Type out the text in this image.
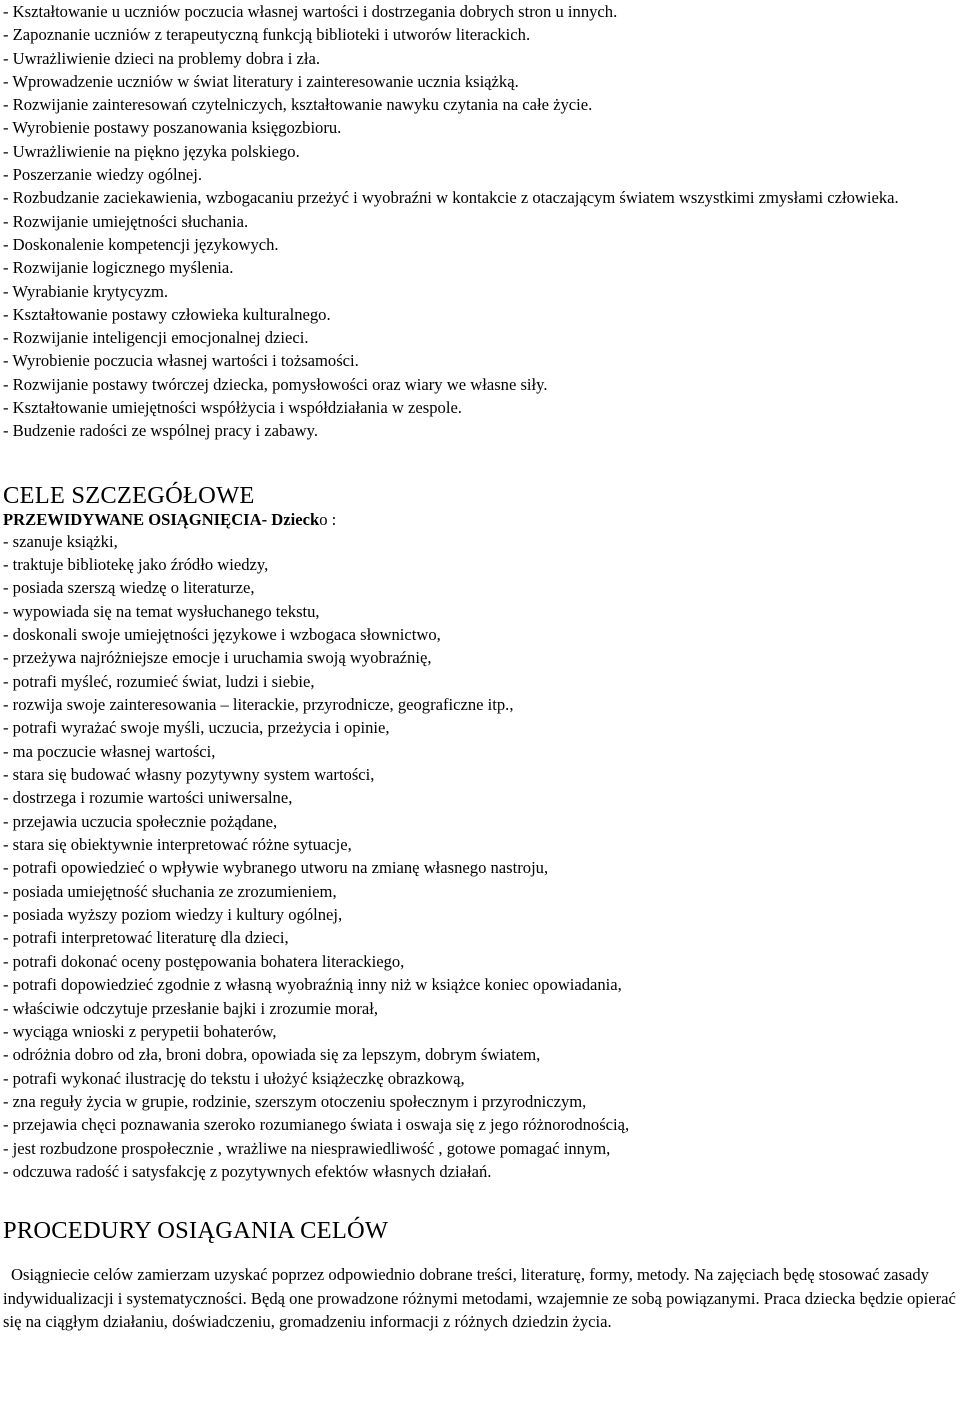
- Kształtowanie u uczniów poczucia własnej wartości i dostrzegania dobrych stron u innych.
- Zapoznanie uczniów z terapeutyczną funkcją biblioteki i utworów literackich.
- Uwrażliwienie dzieci na problemy dobra i zła.
- Wprowadzenie uczniów w świat literatury i zainteresowanie ucznia książką.
- Rozwijanie zainteresowań czytelniczych, kształtowanie nawyku czytania na całe życie.
- Wyrobienie postawy poszanowania księgozbioru.
- Uwrażliwienie na piękno języka polskiego.
- Poszerzanie wiedzy ogólnej.
- Rozbudzanie zaciekawienia, wzbogacaniu przeżyć i wyobraźni w kontakcie z otaczającym światem wszystkimi zmysłami człowieka.
- Rozwijanie umiejętności słuchania.
- Doskonalenie kompetencji językowych.
- Rozwijanie logicznego myślenia.
- Wyrabianie krytycyzm.
- Kształtowanie postawy człowieka kulturalnego.
- Rozwijanie inteligencji emocjonalnej dzieci.
- Wyrobienie poczucia własnej wartości i tożsamości.
- Rozwijanie postawy twórczej dziecka, pomysłowości oraz wiary we własne siły.
- Kształtowanie umiejętności współżycia i współdziałania w zespole.
- Budzenie radości ze wspólnej pracy i zabawy.
CELE SZCZEGÓŁOWE
PRZEWIDYWANE OSIĄGNIĘCIA- Dziecko :
- szanuje książki,
- traktuje bibliotekę jako źródło wiedzy,
- posiada szerszą wiedzę o literaturze,
- wypowiada się na temat wysłuchanego tekstu,
- doskonali swoje umiejętności językowe i wzbogaca słownictwo,
- przeżywa najróżniejsze emocje i uruchamia swoją wyobraźnię,
- potrafi myśleć, rozumieć świat, ludzi i siebie,
- rozwija swoje zainteresowania – literackie, przyrodnicze, geograficzne itp.,
- potrafi wyrażać swoje myśli, uczucia, przeżycia i opinie,
- ma poczucie własnej wartości,
- stara się budować własny pozytywny system wartości,
- dostrzega i rozumie wartości uniwersalne,
- przejawia uczucia społecznie pożądane,
- stara się obiektywnie interpretować różne sytuacje,
- potrafi opowiedzieć o wpływie wybranego utworu na zmianę własnego nastroju,
- posiada umiejętność słuchania ze zrozumieniem,
- posiada wyższy poziom wiedzy i kultury ogólnej,
- potrafi interpretować literaturę dla dzieci,
- potrafi dokonać oceny postępowania bohatera literackiego,
- potrafi dopowiedzieć zgodnie z własną wyobraźnią inny niż w książce koniec opowiadania,
- właściwie odczytuje przesłanie bajki i zrozumie morał,
- wyciąga wnioski z perypetii bohaterów,
- odróżnia dobro od zła, broni dobra, opowiada się za lepszym, dobrym światem,
- potrafi wykonać ilustrację do tekstu i ułożyć książeczkę obrazkową,
- zna reguły życia w grupie, rodzinie, szerszym otoczeniu społecznym i przyrodniczym,
- przejawia chęci poznawania szeroko rozumianego świata i oswaja się z jego różnorodnością,
- jest rozbudzone prospołecznie , wrażliwe na niesprawiedliwość , gotowe pomagać innym,
- odczuwa radość i satysfakcję z pozytywnych efektów własnych działań.
PROCEDURY OSIĄGANIA CELÓW

Osiągniecie celów zamierzam uzyskać poprzez odpowiednio dobrane treści, literaturę, formy, metody. Na zajęciach będę stosować zasady indywidualizacji i systematyczności. Będą one prowadzone różnymi metodami, wzajemnie ze sobą powiązanymi. Praca dziecka będzie opierać się na ciągłym działaniu, doświadczeniu, gromadzeniu informacji z różnych dziedzin życia.
